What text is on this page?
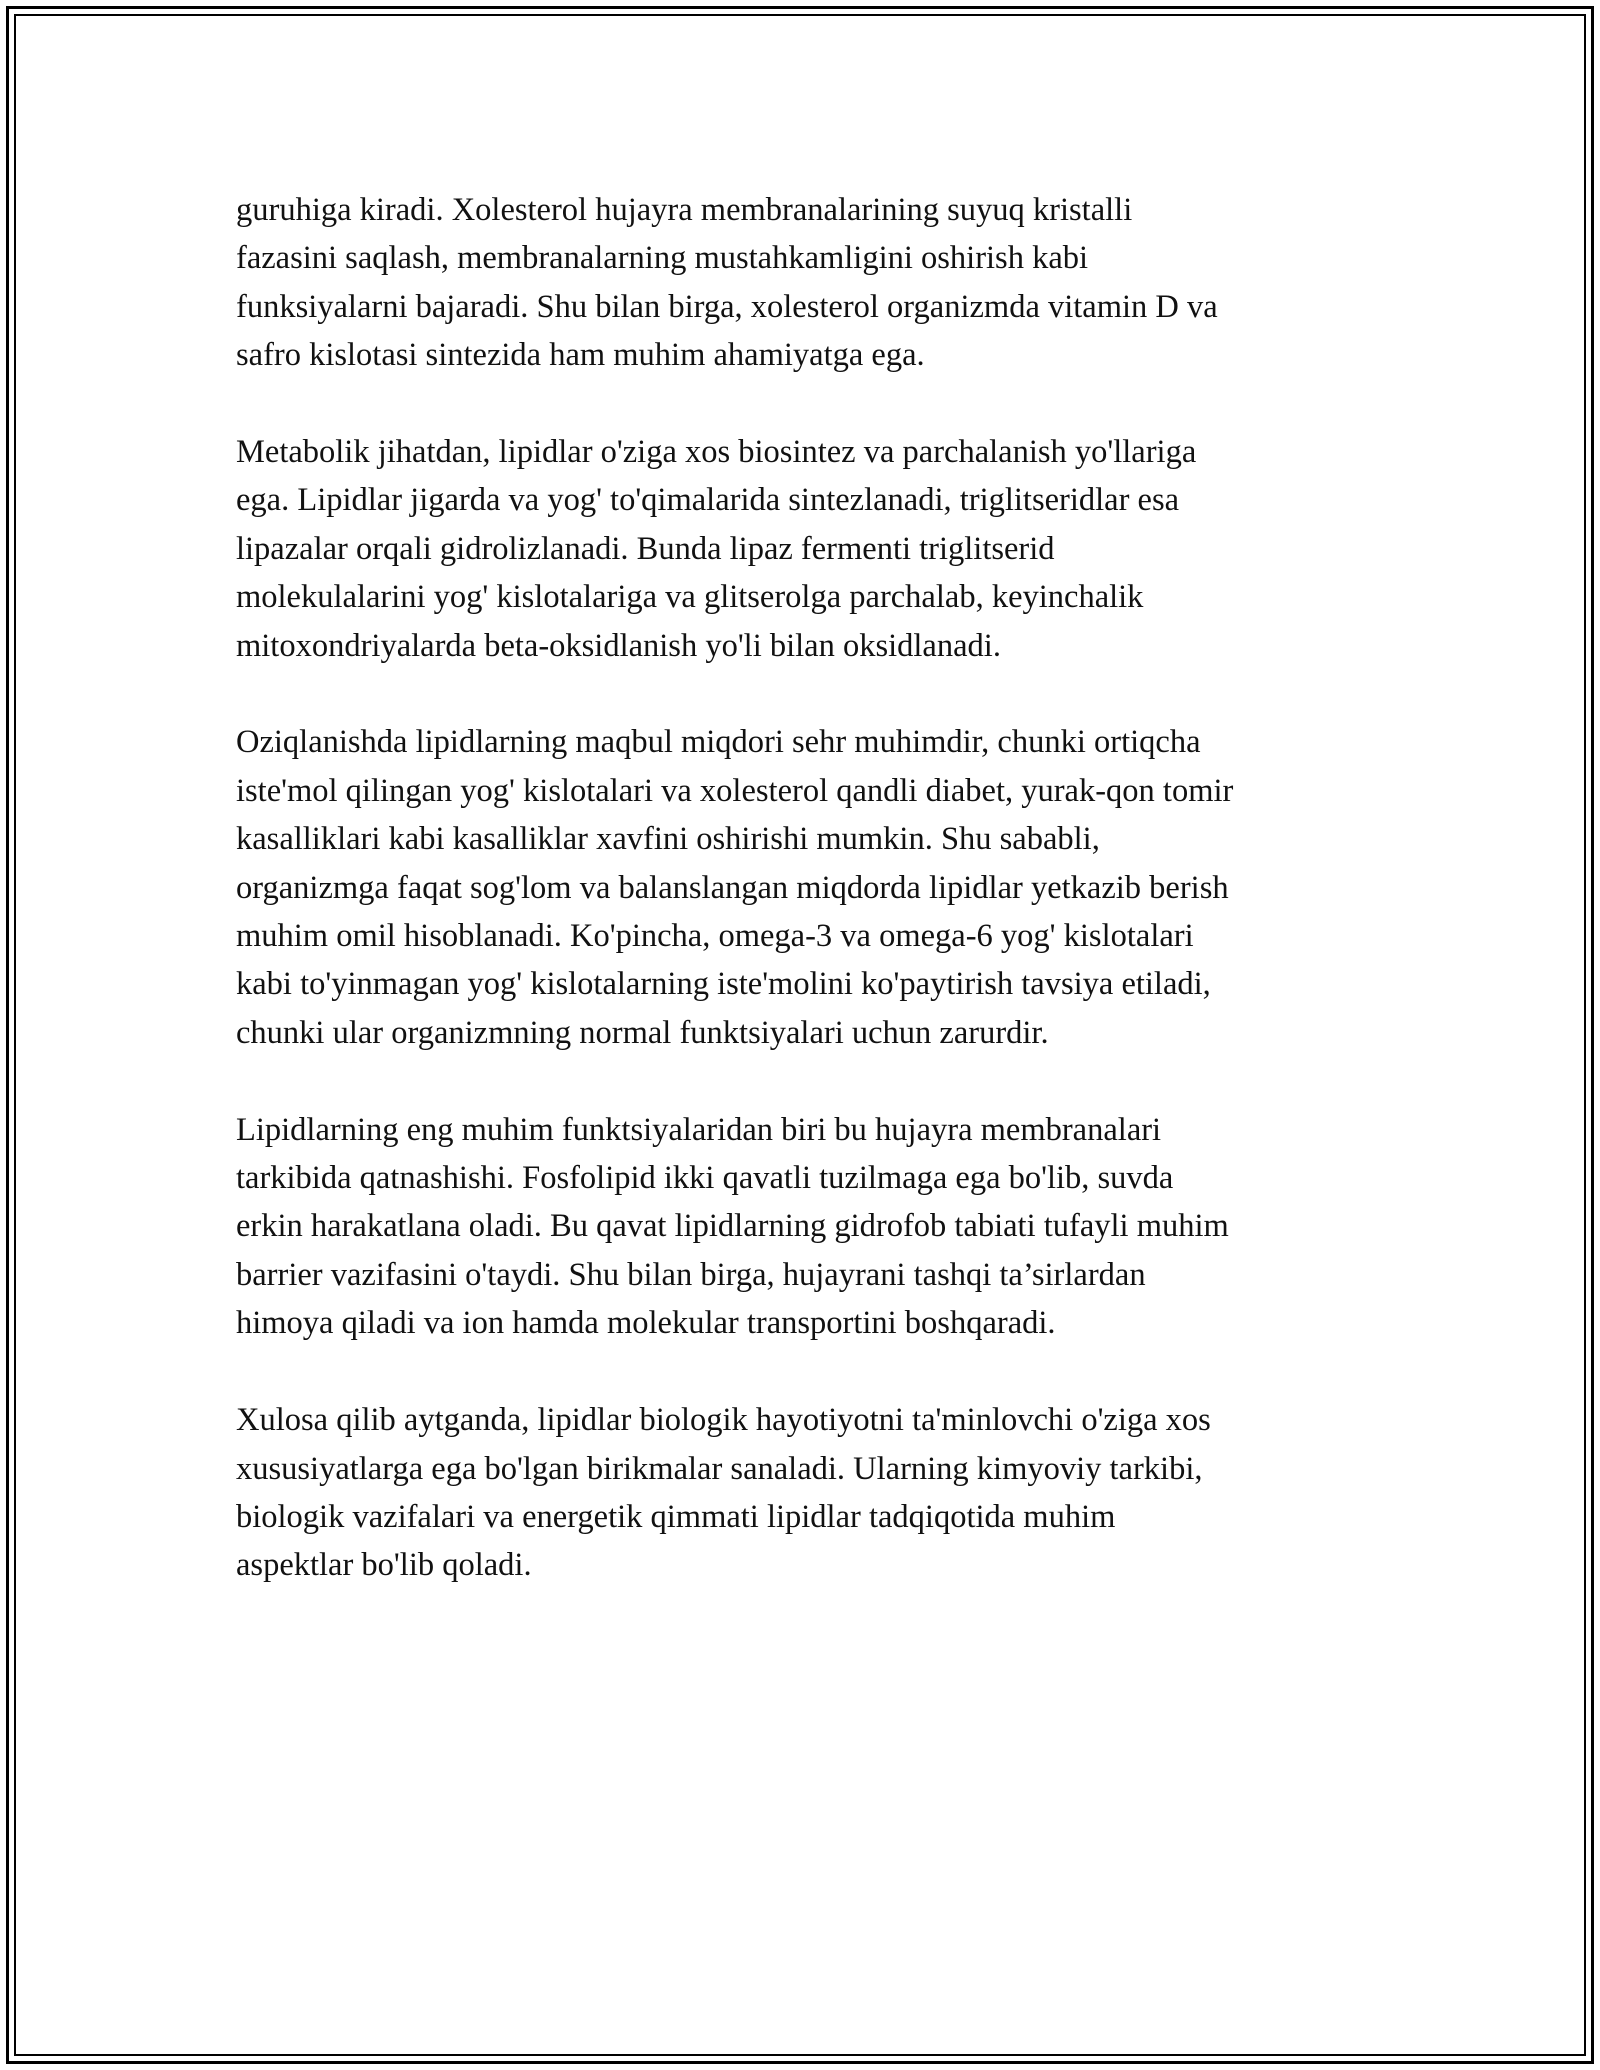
guruhiga kiradi. Xolesterol hujayra membranalarining suyuq kristalli
fazasini saqlash, membranalarning mustahkamligini oshirish kabi
funksiyalarni bajaradi. Shu bilan birga, xolesterol organizmda vitamin D va
safro kislotasi sintezida ham muhim ahamiyatga ega.

Metabolik jihatdan, lipidlar o'ziga xos biosintez va parchalanish yo'llariga
ega. Lipidlar jigarda va yog' to'qimalarida sintezlanadi, triglitseridlar esa
lipazalar orqali gidrolizlanadi. Bunda lipaz fermenti triglitserid
molekulalarini yog' kislotalariga va glitserolga parchalab, keyinchalik
mitoxondriyalarda beta-oksidlanish yo'li bilan oksidlanadi.

Oziqlanishda lipidlarning maqbul miqdori sehr muhimdir, chunki ortiqcha
iste'mol qilingan yog' kislotalari va xolesterol qandli diabet, yurak-qon tomir
kasalliklari kabi kasalliklar xavfini oshirishi mumkin. Shu sababli,
organizmga faqat sog'lom va balanslangan miqdorda lipidlar yetkazib berish
muhim omil hisoblanadi. Ko'pincha, omega-3 va omega-6 yog' kislotalari
kabi to'yinmagan yog' kislotalarning iste'molini ko'paytirish tavsiya etiladi,
chunki ular organizmning normal funktsiyalari uchun zarurdir.

Lipidlarning eng muhim funktsiyalaridan biri bu hujayra membranalari
tarkibida qatnashishi. Fosfolipid ikki qavatli tuzilmaga ega bo'lib, suvda
erkin harakatlana oladi. Bu qavat lipidlarning gidrofob tabiati tufayli muhim
barrier vazifasini o'taydi. Shu bilan birga, hujayrani tashqi ta’sirlardan
himoya qiladi va ion hamda molekular transportini boshqaradi.

Xulosa qilib aytganda, lipidlar biologik hayotiyotni ta'minlovchi o'ziga xos
xususiyatlarga ega bo'lgan birikmalar sanaladi. Ularning kimyoviy tarkibi,
biologik vazifalari va energetik qimmati lipidlar tadqiqotida muhim
aspektlar bo'lib qoladi.
